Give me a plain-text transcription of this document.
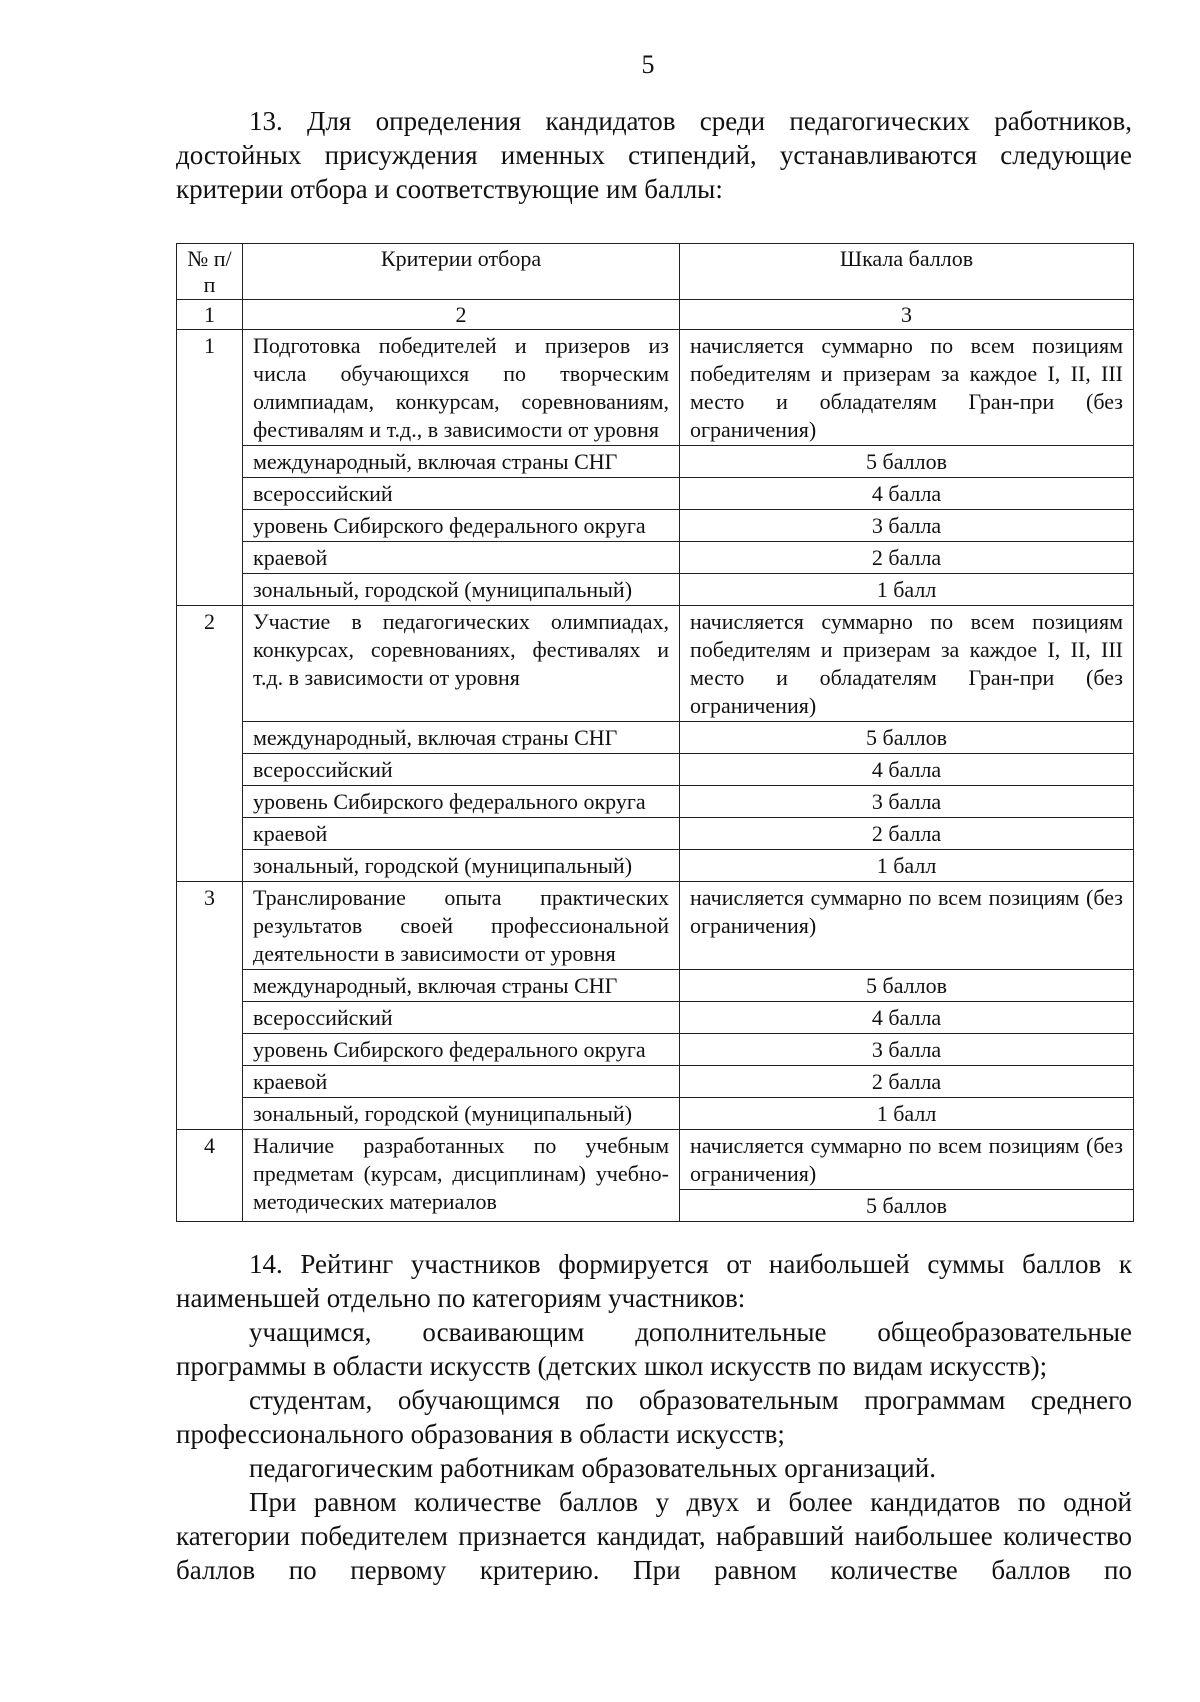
5

13. Для определения кандидатов среди педагогических работников, достойных присуждения именных стипендий, устанавливаются следующие критерии отбора и соответствующие им баллы:

№ п/п	Критерии отбора	Шкала баллов
1	2	3
1	Подготовка победителей и призеров из числа обучающихся по творческим олимпиадам, конкурсам, соревнованиям, фестивалям и т.д., в зависимости от уровня	начисляется суммарно по всем позициям победителям и призерам за каждое I, II, III место и обладателям Гран-при (без ограничения)
	международный, включая страны СНГ	5 баллов
	всероссийский	4 балла
	уровень Сибирского федерального округа	3 балла
	краевой	2 балла
	зональный, городской (муниципальный)	1 балл
2	Участие в педагогических олимпиадах, конкурсах, соревнованиях, фестивалях и т.д. в зависимости от уровня	начисляется суммарно по всем позициям победителям и призерам за каждое I, II, III место и обладателям Гран-при (без ограничения)
	международный, включая страны СНГ	5 баллов
	всероссийский	4 балла
	уровень Сибирского федерального округа	3 балла
	краевой	2 балла
	зональный, городской (муниципальный)	1 балл
3	Транслирование опыта практических результатов своей профессиональной деятельности в зависимости от уровня	начисляется суммарно по всем позициям (без ограничения)
	международный, включая страны СНГ	5 баллов
	всероссийский	4 балла
	уровень Сибирского федерального округа	3 балла
	краевой	2 балла
	зональный, городской (муниципальный)	1 балл
4	Наличие разработанных по учебным предметам (курсам, дисциплинам) учебно-методических материалов	начисляется суммарно по всем позициям (без ограничения)
		5 баллов

14. Рейтинг участников формируется от наибольшей суммы баллов к наименьшей отдельно по категориям участников:

учащимся, осваивающим дополнительные общеобразовательные программы в области искусств (детских школ искусств по видам искусств);

студентам, обучающимся по образовательным программам среднего профессионального образования в области искусств;

педагогическим работникам образовательных организаций.

При равном количестве баллов у двух и более кандидатов по одной категории победителем признается кандидат, набравший наибольшее количество баллов по первому критерию. При равном количестве баллов по
